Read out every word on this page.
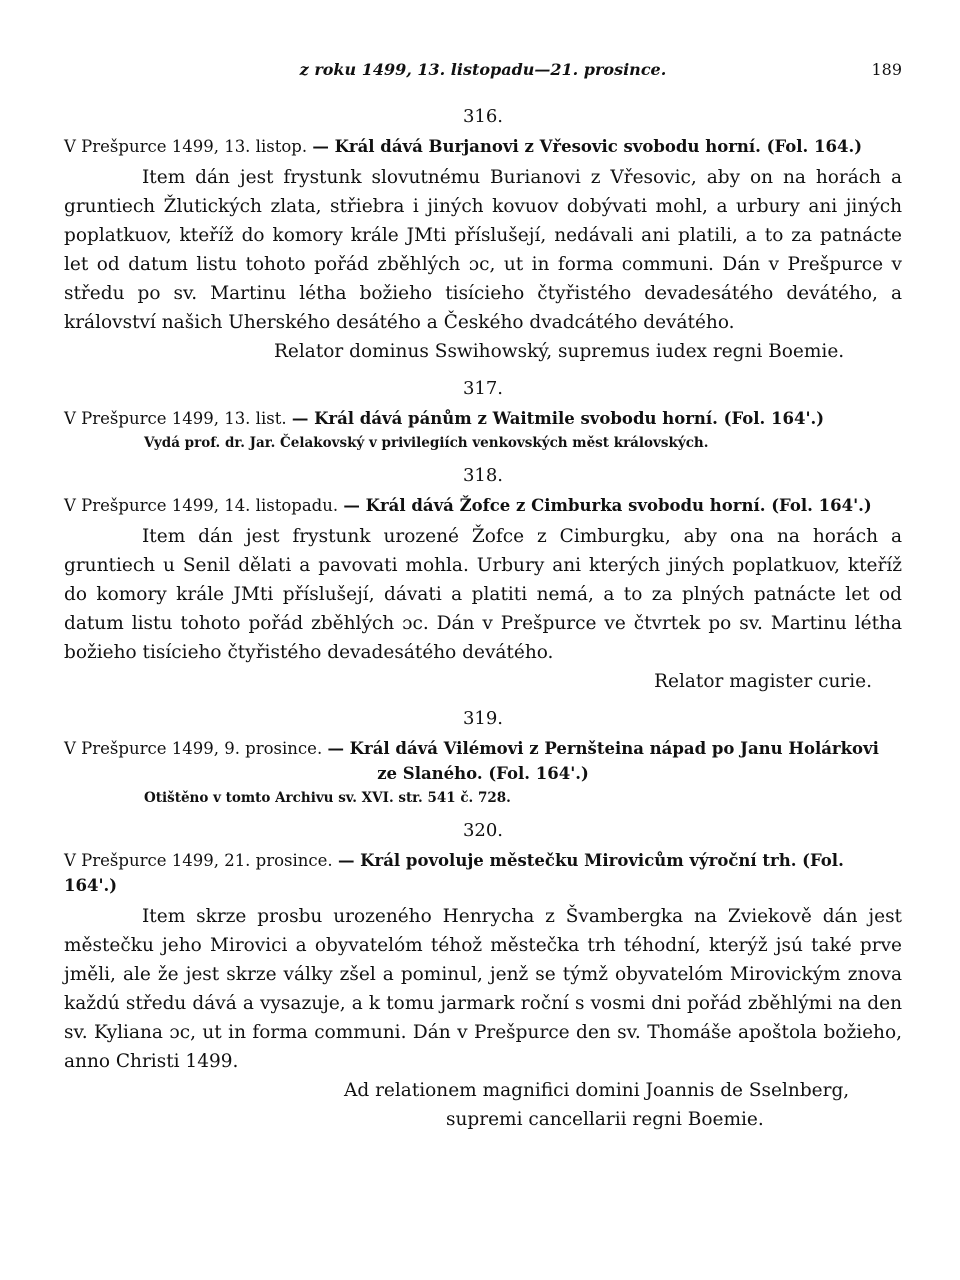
z roku 1499, 13. listopadu—21. prosince.	189
316.
V Prešpurce 1499, 13. listop. — Král dává Burjanovi z Vřesovic svobodu horní. (Fol. 164.)

Item dán jest frystunk slovutnému Burianovi z Vřesovic, aby on na horách a gruntiech Žlutických zlata, střiebra i jiných kovuov dobývati mohl, a urbury ani jiných poplatkuov, kteříž do komory krále JMti příslušejí, nedávali ani platili, a to za patnácte let od datum listu tohoto pořád zběhlých ɔc, ut in forma communi. Dán v Prešpurce v středu po sv. Martinu létha božieho tisícieho čtyřistého devadesátého devátého, a království našich Uherského desátého a Českého dvadcátého devátého.

Relator dominus Sswihowský, supremus iudex regni Boemie.
317.
V Prešpurce 1499, 13. list. — Král dává pánům z Waitmile svobodu horní. (Fol. 164'.)
Vydá prof. dr. Jar. Čelakovský v privilegiích venkovských měst královských.
318.
V Prešpurce 1499, 14. listopadu. — Král dává Žofce z Cimburka svobodu horní. (Fol. 164'.)

Item dán jest frystunk urozené Žofce z Cimburgku, aby ona na horách a gruntiech u Senil dělati a pavovati mohla. Urbury ani kterých jiných poplatkuov, kteříž do komory krále JMti příslušejí, dávati a platiti nemá, a to za plných patnácte let od datum listu tohoto pořád zběhlých ɔc. Dán v Prešpurce ve čtvrtek po sv. Martinu létha božieho tisícieho čtyřistého devadesátého devátého.

Relator magister curie.
319.
V Prešpurce 1499, 9. prosince. — Král dává Vilémovi z Pernšteina nápad po Janu Holárkovi
ze Slaného. (Fol. 164'.)
Otištěno v tomto Archivu sv. XVI. str. 541 č. 728.
320.
V Prešpurce 1499, 21. prosince. — Král povoluje městečku Mirovicům výroční trh. (Fol. 164'.)

Item skrze prosbu urozeného Henrycha z Švambergka na Zviekově dán jest městečku jeho Mirovici a obyvatelóm téhož městečka trh téhodní, kterýž jsú také prve jměli, ale že jest skrze války zšel a pominul, jenž se týmž obyvatelóm Mirovickým znova každú středu dává a vysazuje, a k tomu jarmark roční s vosmi dni pořád zběhlými na den sv. Kyliana ɔc, ut in forma communi. Dán v Prešpurce den sv. Thomáše apoštola božieho, anno Christi 1499.

Ad relationem magnifici domini Joannis de Sselnberg,
supremi cancellarii regni Boemie.
